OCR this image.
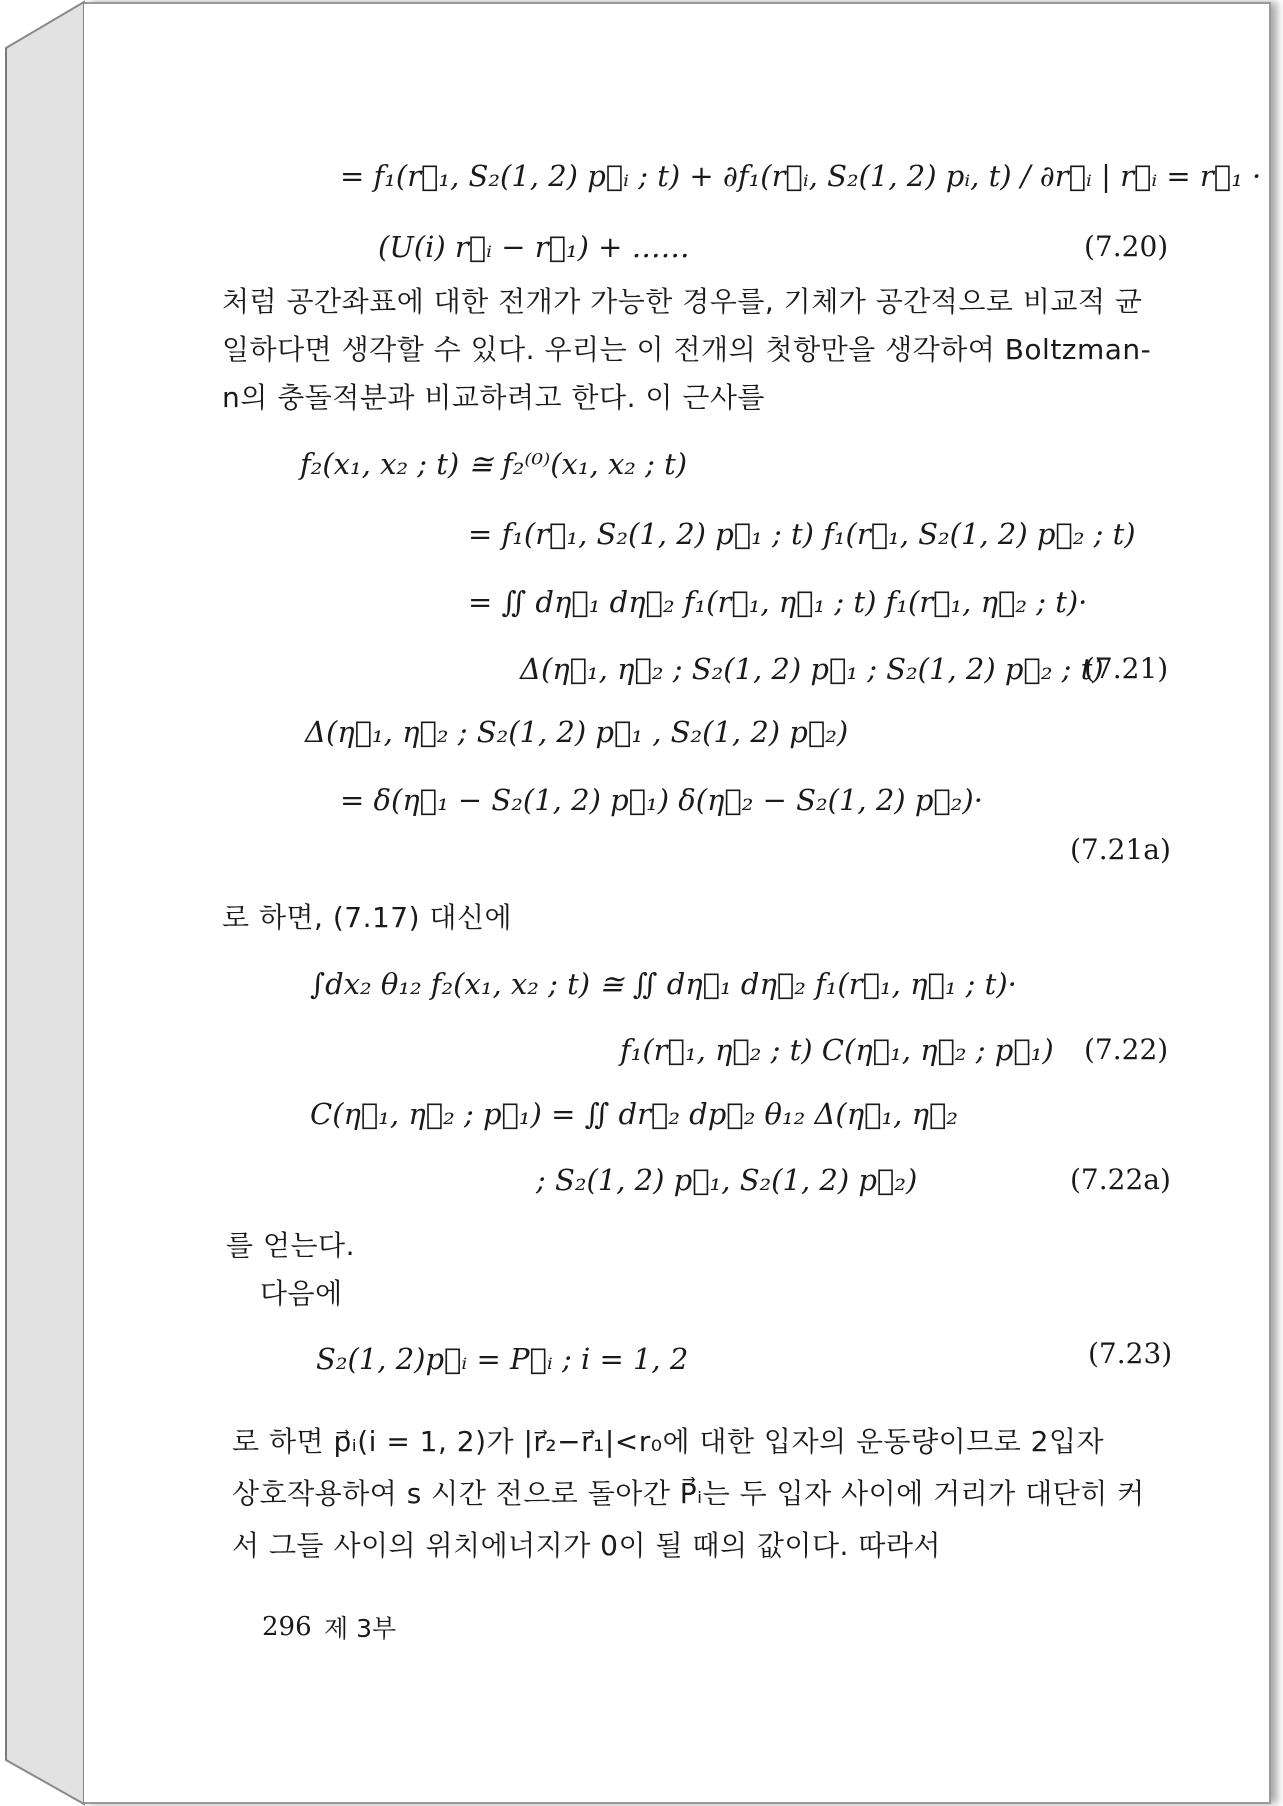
= f₁(r⃗₁, S₂(1, 2) p⃗ᵢ ; t) + ∂f₁(r⃗ᵢ, S₂(1, 2) pᵢ, t) / ∂r⃗ᵢ | r⃗ᵢ = r⃗₁ ·
(U(i) r⃗ᵢ − r⃗₁) + ……	(7.20)
처럼 공간좌표에 대한 전개가 가능한 경우를, 기체가 공간적으로 비교적 균
일하다면 생각할 수 있다. 우리는 이 전개의 첫항만을 생각하여 Boltzman-
n의 충돌적분과 비교하려고 한다. 이 근사를
f₂(x₁, x₂ ; t) ≅ f₂⁽⁰⁾(x₁, x₂ ; t)
= f₁(r⃗₁, S₂(1, 2) p⃗₁ ; t) f₁(r⃗₁, S₂(1, 2) p⃗₂ ; t)
= ∬ dη⃗₁ dη⃗₂ f₁(r⃗₁, η⃗₁ ; t) f₁(r⃗₁, η⃗₂ ; t)·
Δ(η⃗₁, η⃗₂ ; S₂(1, 2) p⃗₁ ; S₂(1, 2) p⃗₂ ; t)
(7.21)
Δ(η⃗₁, η⃗₂ ; S₂(1, 2) p⃗₁ , S₂(1, 2) p⃗₂)
= δ(η⃗₁ − S₂(1, 2) p⃗₁) δ(η⃗₂ − S₂(1, 2) p⃗₂)·
(7.21a)
로 하면, (7.17) 대신에
∫dx₂ θ₁₂ f₂(x₁, x₂ ; t) ≅ ∬ dη⃗₁ dη⃗₂ f₁(r⃗₁, η⃗₁ ; t)·
f₁(r⃗₁, η⃗₂ ; t) C(η⃗₁, η⃗₂ ; p⃗₁) (7.22)
C(η⃗₁, η⃗₂ ; p⃗₁) = ∬ dr⃗₂ dp⃗₂ θ₁₂ Δ(η⃗₁, η⃗₂
; S₂(1, 2) p⃗₁, S₂(1, 2) p⃗₂)	(7.22a)
를 얻는다.
다음에
S₂(1, 2)p⃗ᵢ = P⃗ᵢ ; i = 1, 2	(7.23)
로 하면 p⃗ᵢ(i = 1, 2)가 |r⃗₂−r⃗₁|<r₀에 대한 입자의 운동량이므로 2입자
상호작용하여 s 시간 전으로 돌아간 P⃗ᵢ는 두 입자 사이에 거리가 대단히 커
서 그들 사이의 위치에너지가 0이 될 때의 값이다. 따라서
296 제 3부
